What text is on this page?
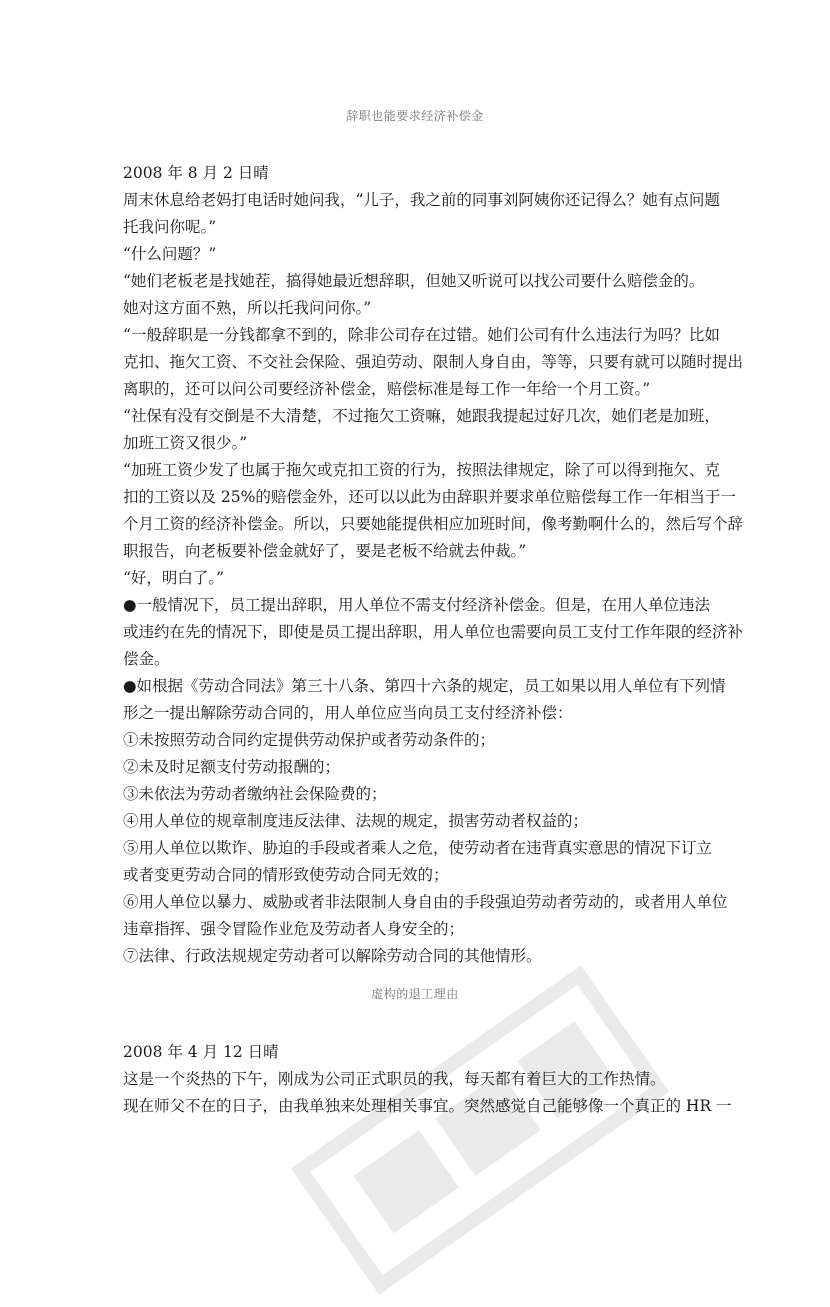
辞职也能要求经济补偿金

2008 年 8 月 2 日晴

周末休息给老妈打电话时她问我，“儿子，我之前的同事刘阿姨你还记得么？她有点问题
托我问你呢。”

“什么问题？”

“她们老板老是找她茬，搞得她最近想辞职，但她又听说可以找公司要什么赔偿金的。
她对这方面不熟，所以托我问问你。”

“一般辞职是一分钱都拿不到的，除非公司存在过错。她们公司有什么违法行为吗？比如
克扣、拖欠工资、不交社会保险、强迫劳动、限制人身自由，等等，只要有就可以随时提出
离职的，还可以问公司要经济补偿金，赔偿标准是每工作一年给一个月工资。”

“社保有没有交倒是不大清楚，不过拖欠工资嘛，她跟我提起过好几次，她们老是加班，
加班工资又很少。”

“加班工资少发了也属于拖欠或克扣工资的行为，按照法律规定，除了可以得到拖欠、克
扣的工资以及 25%的赔偿金外，还可以以此为由辞职并要求单位赔偿每工作一年相当于一
个月工资的经济补偿金。所以，只要她能提供相应加班时间，像考勤啊什么的，然后写个辞
职报告，向老板要补偿金就好了，要是老板不给就去仲裁。”

“好，明白了。”

●一般情况下，员工提出辞职，用人单位不需支付经济补偿金。但是，在用人单位违法
或违约在先的情况下，即使是员工提出辞职，用人单位也需要向员工支付工作年限的经济补
偿金。

●如根据《劳动合同法》第三十八条、第四十六条的规定，员工如果以用人单位有下列情
形之一提出解除劳动合同的，用人单位应当向员工支付经济补偿：

①未按照劳动合同约定提供劳动保护或者劳动条件的；

②未及时足额支付劳动报酬的；

③未依法为劳动者缴纳社会保险费的；

④用人单位的规章制度违反法律、法规的规定，损害劳动者权益的；

⑤用人单位以欺诈、胁迫的手段或者乘人之危，使劳动者在违背真实意思的情况下订立
或者变更劳动合同的情形致使劳动合同无效的；

⑥用人单位以暴力、威胁或者非法限制人身自由的手段强迫劳动者劳动的，或者用人单位
违章指挥、强令冒险作业危及劳动者人身安全的；

⑦法律、行政法规规定劳动者可以解除劳动合同的其他情形。

虚构的退工理由

2008 年 4 月 12 日晴

这是一个炎热的下午，刚成为公司正式职员的我，每天都有着巨大的工作热情。

现在师父不在的日子，由我单独来处理相关事宜。突然感觉自己能够像一个真正的 HR 一
